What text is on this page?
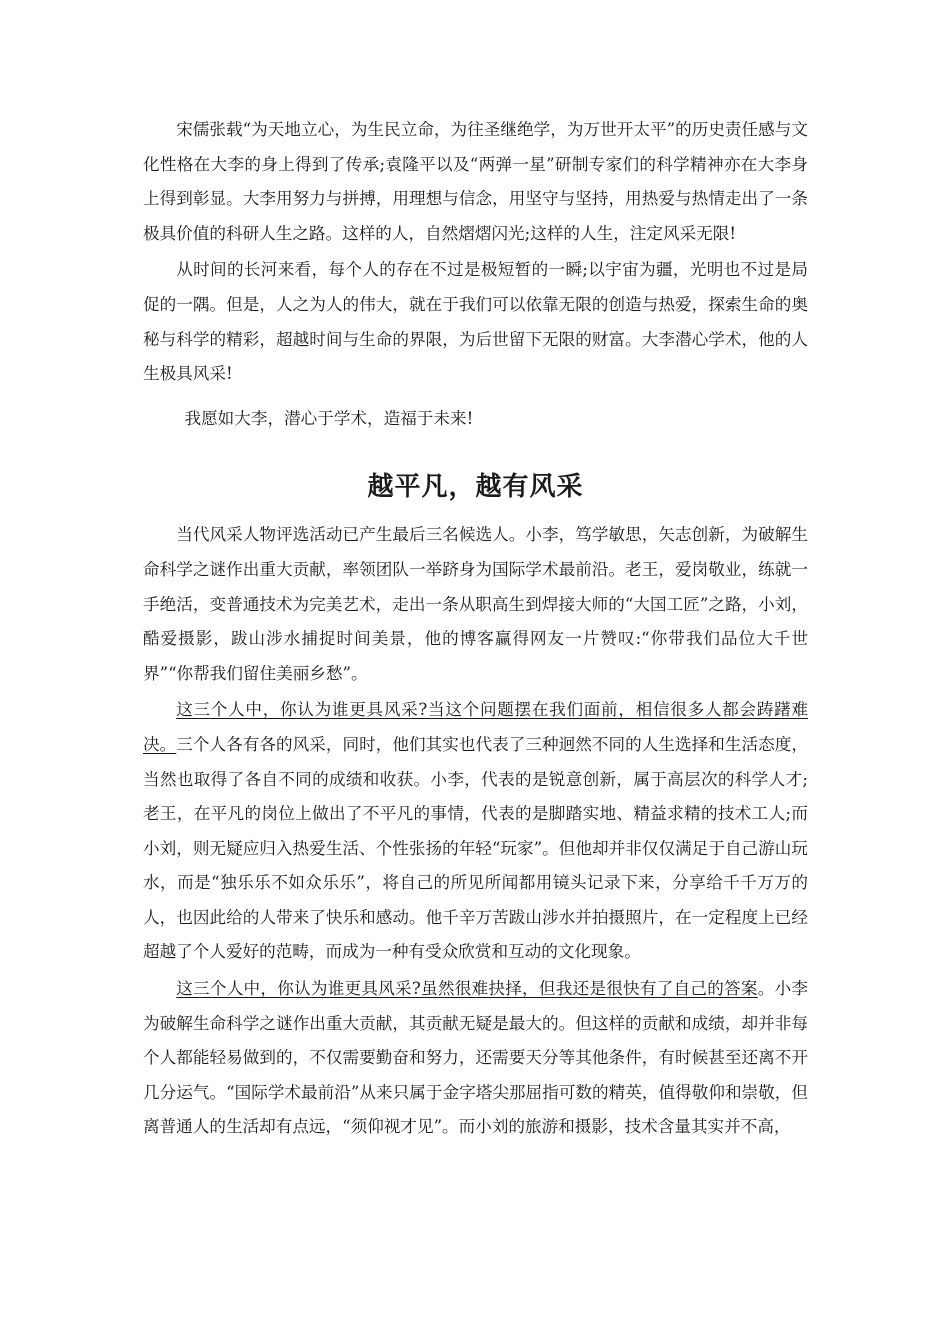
宋儒张载“为天地立心，为生民立命，为往圣继绝学，为万世开太平”的历史责任感与文化性格在大李的身上得到了传承;袁隆平以及“两弹一星”研制专家们的科学精神亦在大李身上得到彰显。大李用努力与拼搏，用理想与信念，用坚守与坚持，用热爱与热情走出了一条极具价值的科研人生之路。这样的人，自然熠熠闪光;这样的人生，注定风采无限!

从时间的长河来看，每个人的存在不过是极短暂的一瞬;以宇宙为疆，光明也不过是局促的一隅。但是，人之为人的伟大，就在于我们可以依靠无限的创造与热爱，探索生命的奥秘与科学的精彩，超越时间与生命的界限，为后世留下无限的财富。大李潜心学术，他的人生极具风采!

我愿如大李，潜心于学术，造福于未来!

越平凡，越有风采

当代风采人物评选活动已产生最后三名候选人。小李，笃学敏思，矢志创新，为破解生命科学之谜作出重大贡献，率领团队一举跻身为国际学术最前沿。老王，爱岗敬业，练就一手绝活，变普通技术为完美艺术，走出一条从职高生到焊接大师的“大国工匠”之路，小刘，酷爱摄影，跋山涉水捕捉时间美景，他的博客赢得网友一片赞叹:“你带我们品位大千世界”“你帮我们留住美丽乡愁”。

这三个人中，你认为谁更具风采?当这个问题摆在我们面前，相信很多人都会踌躇难决。三个人各有各的风采，同时，他们其实也代表了三种迥然不同的人生选择和生活态度，当然也取得了各自不同的成绩和收获。小李，代表的是锐意创新，属于高层次的科学人才;老王，在平凡的岗位上做出了不平凡的事情，代表的是脚踏实地、精益求精的技术工人;而小刘，则无疑应归入热爱生活、个性张扬的年轻“玩家”。但他却并非仅仅满足于自己游山玩水，而是“独乐乐不如众乐乐”，将自己的所见所闻都用镜头记录下来，分享给千千万万的人，也因此给的人带来了快乐和感动。他千辛万苦跋山涉水并拍摄照片，在一定程度上已经超越了个人爱好的范畴，而成为一种有受众欣赏和互动的文化现象。

这三个人中，你认为谁更具风采?虽然很难抉择，但我还是很快有了自己的答案。小李为破解生命科学之谜作出重大贡献，其贡献无疑是最大的。但这样的贡献和成绩，却并非每个人都能轻易做到的，不仅需要勤奋和努力，还需要天分等其他条件，有时候甚至还离不开几分运气。“国际学术最前沿”从来只属于金字塔尖那屈指可数的精英，值得敬仰和崇敬，但离普通人的生活却有点远，“须仰视才见”。而小刘的旅游和摄影，技术含量其实并不高，
